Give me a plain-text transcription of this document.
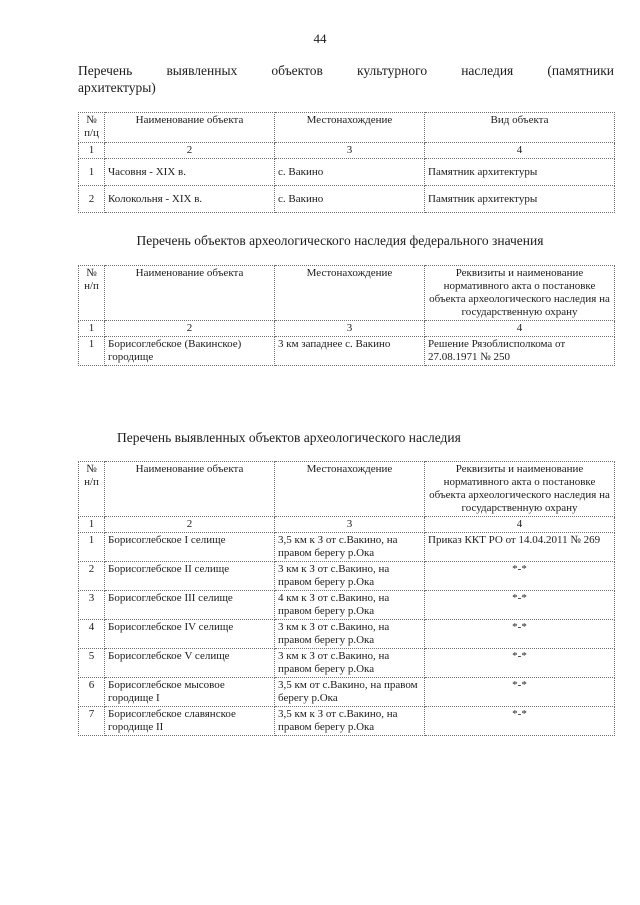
44
Перечень выявленных объектов культурного наследия (памятники
архитектуры)
№ п/ц	Наименование объекта	Местонахождение	Вид объекта
1	2	3	4
1	Часовня - XIX в.	с. Вакино	Памятник архитектуры
2	Колокольня - XIX в.	с. Вакино	Памятник архитектуры
Перечень объектов археологического наследия федерального значения
№ н/п	Наименование объекта	Местонахождение	Реквизиты и наименование нормативного акта о постановке объекта археологического наследия на государственную охрану
1	2	3	4
1	Борисоглебское (Вакинское) городище	3 км западнее с. Вакино	Решение Рязоблисполкома от 27.08.1971 № 250
Перечень выявленных объектов археологического наследия
№ н/п	Наименование объекта	Местонахождение	Реквизиты и наименование нормативного акта о постановке объекта археологического наследия на государственную охрану
1	2	3	4
1	Борисоглебское I селище	3,5 км к З от с.Вакино, на правом берегу р.Ока	Приказ ККТ РО от 14.04.2011 № 269
2	Борисоглебское II селище	3 км к З от с.Вакино, на правом берегу р.Ока	*-*
3	Борисоглебское III селище	4 км к З от с.Вакино, на правом берегу р.Ока	*-*
4	Борисоглебское IV селище	3 км к З от с.Вакино, на правом берегу р.Ока	*-*
5	Борисоглебское V селище	3 км к З от с.Вакино, на правом берегу р.Ока	*-*
6	Борисоглебское мысовое городище I	3,5 км от с.Вакино, на правом берегу р.Ока	*-*
7	Борисоглебское славянское городище II	3,5 км к З от с.Вакино, на правом берегу р.Ока	*-*
